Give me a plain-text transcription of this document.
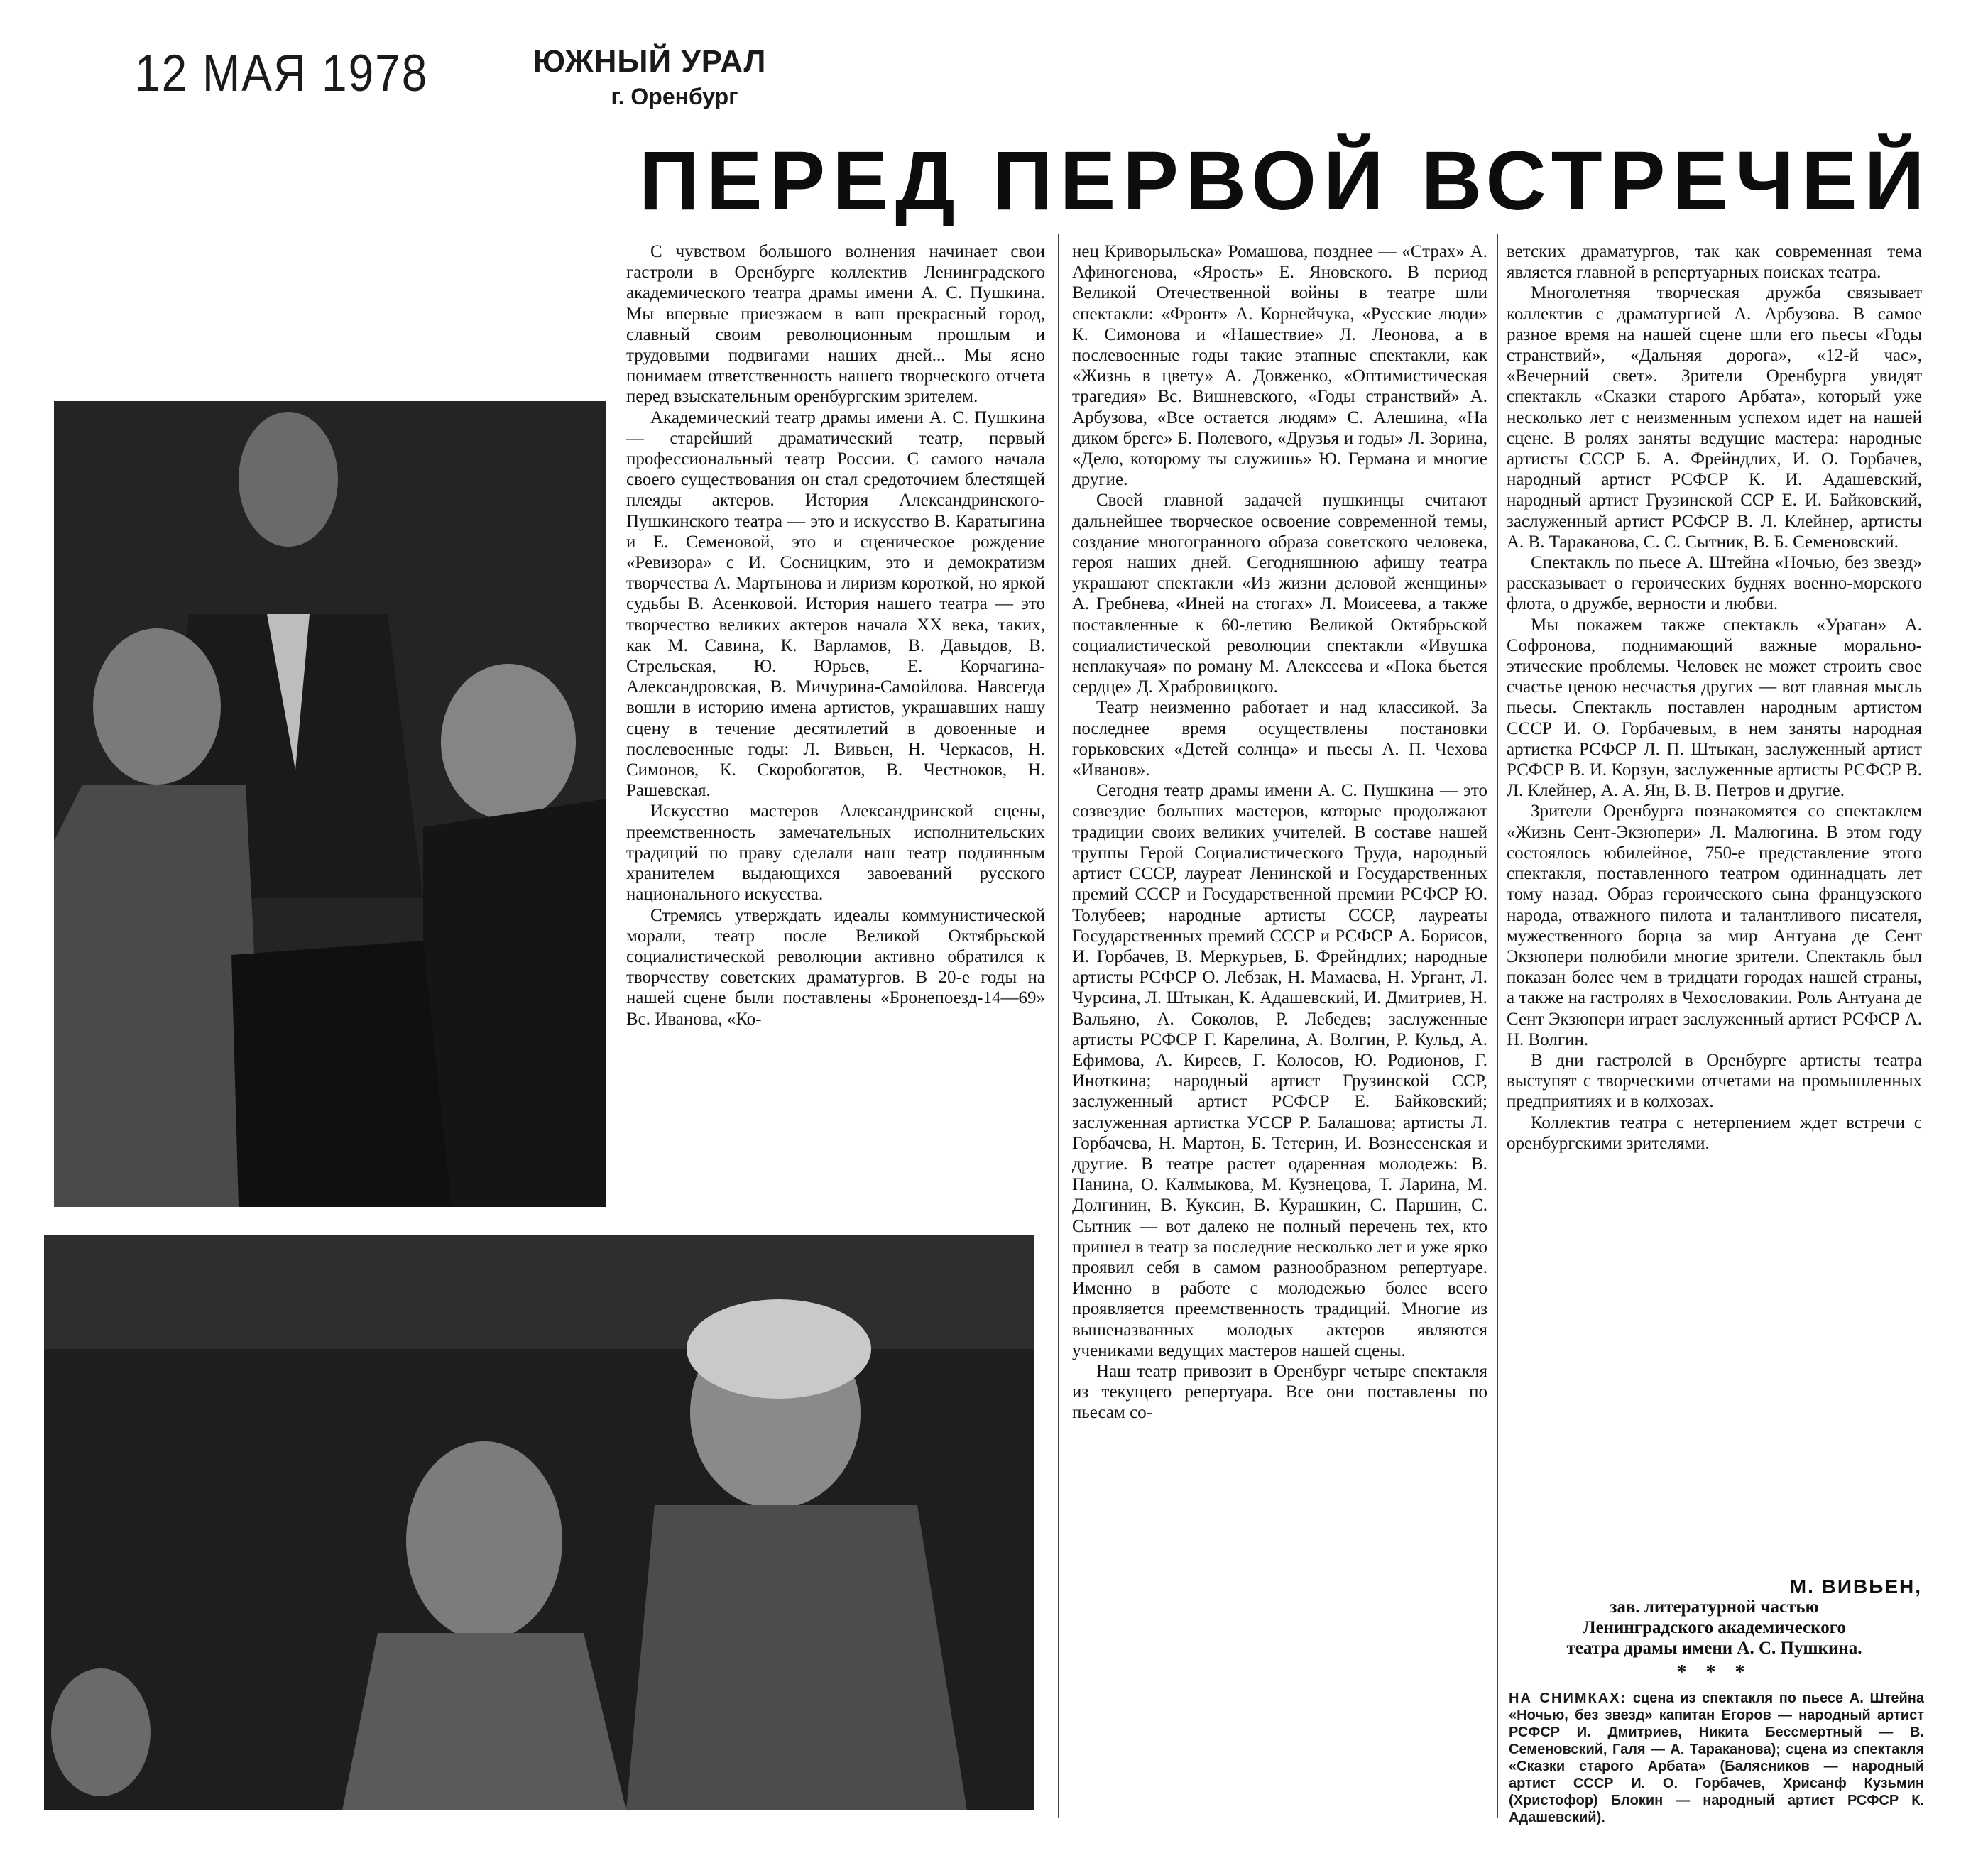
12 МАЯ 1978	ЮЖНЫЙ УРАЛ
г. Оренбург
ПЕРЕД ПЕРВОЙ ВСТРЕЧЕЙ

С чувством большого волнения начинает свои гастроли в Оренбурге коллектив Ленинградского академического театра драмы имени А. С. Пушкина. Мы впервые приезжаем в ваш прекрасный город, славный своим революционным прошлым и трудовыми подвигами наших дней... Мы ясно понимаем ответственность нашего творческого отчета перед взыскательным оренбургским зрителем.

Академический театр драмы имени А. С. Пушкина — старейший драматический театр, первый профессиональный театр России. С самого начала своего существования он стал средоточием блестящей плеяды актеров. История Александринского-Пушкинского театра — это и искусство В. Каратыгина и Е. Семеновой, это и сценическое рождение «Ревизора» с И. Сосницким, это и демократизм творчества А. Мартынова и лиризм короткой, но яркой судьбы В. Асенковой. История нашего театра — это творчество великих актеров начала XX века, таких, как М. Савина, К. Варламов, В. Давыдов, В. Стрельская, Ю. Юрьев, Е. Корчагина-Александровская, В. Мичурина-Самойлова. Навсегда вошли в историю имена артистов, украшавших нашу сцену в течение десятилетий в довоенные и послевоенные годы: Л. Вивьен, Н. Черкасов, Н. Симонов, К. Скоробогатов, В. Честноков, Н. Рашевская.

Искусство мастеров Александринской сцены, преемственность замечательных исполнительских традиций по праву сделали наш театр подлинным хранителем выдающихся завоеваний русского национального искусства.

Стремясь утверждать идеалы коммунистической морали, театр после Великой Октябрьской социалистической революции активно обратился к творчеству советских драматургов. В 20-е годы на нашей сцене были поставлены «Бронепоезд-14—69» Вс. Иванова, «Ко-

нец Криворыльска» Ромашова, позднее — «Страх» А. Афиногенова, «Ярость» Е. Яновского. В период Великой Отечественной войны в театре шли спектакли: «Фронт» А. Корнейчука, «Русские люди» К. Симонова и «Нашествие» Л. Леонова, а в послевоенные годы такие этапные спектакли, как «Жизнь в цвету» А. Довженко, «Оптимистическая трагедия» Вс. Вишневского, «Годы странствий» А. Арбузова, «Все остается людям» С. Алешина, «На диком бреге» Б. Полевого, «Друзья и годы» Л. Зорина, «Дело, которому ты служишь» Ю. Германа и многие другие.

Своей главной задачей пушкинцы считают дальнейшее творческое освоение современной темы, создание многогранного образа советского человека, героя наших дней. Сегодняшнюю афишу театра украшают спектакли «Из жизни деловой женщины» А. Гребнева, «Иней на стогах» Л. Моисеева, а также поставленные к 60-летию Великой Октябрьской социалистической революции спектакли «Ивушка неплакучая» по роману М. Алексеева и «Пока бьется сердце» Д. Храбровицкого.

Театр неизменно работает и над классикой. За последнее время осуществлены постановки горьковских «Детей солнца» и пьесы А. П. Чехова «Иванов».

Сегодня театр драмы имени А. С. Пушкина — это созвездие больших мастеров, которые продолжают традиции своих великих учителей. В составе нашей труппы Герой Социалистического Труда, народный артист СССР, лауреат Ленинской и Государственных премий СССР и Государственной премии РСФСР Ю. Толубеев; народные артисты СССР, лауреаты Государственных премий СССР и РСФСР А. Борисов, И. Горбачев, В. Меркурьев, Б. Фрейндлих; народные артисты РСФСР О. Лебзак, Н. Мамаева, Н. Ургант, Л. Чурсина, Л. Штыкан, К. Адашевский, И. Дмитриев, Н. Вальяно, А. Соколов, Р. Лебедев; заслуженные артисты РСФСР Г. Карелина, А. Волгин, Р. Кульд, А. Ефимова, А. Киреев, Г. Колосов, Ю. Родионов, Г. Иноткина; народный артист Грузинской ССР, заслуженный артист РСФСР Е. Байковский; заслуженная артистка УССР Р. Балашова; артисты Л. Горбачева, Н. Мартон, Б. Тетерин, И. Вознесенская и другие. В театре растет одаренная молодежь: В. Панина, О. Калмыкова, М. Кузнецова, Т. Ларина, М. Долгинин, В. Куксин, В. Курашкин, С. Паршин, С. Сытник — вот далеко не полный перечень тех, кто пришел в театр за последние несколько лет и уже ярко проявил себя в самом разнообразном репертуаре. Именно в работе с молодежью более всего проявляется преемственность традиций. Многие из вышеназванных молодых актеров являются учениками ведущих мастеров нашей сцены.

Наш театр привозит в Оренбург четыре спектакля из текущего репертуара. Все они поставлены по пьесам со-

ветских драматургов, так как современная тема является главной в репертуарных поисках театра.

Многолетняя творческая дружба связывает коллектив с драматургией А. Арбузова. В самое разное время на нашей сцене шли его пьесы «Годы странствий», «Дальняя дорога», «12-й час», «Вечерний свет». Зрители Оренбурга увидят спектакль «Сказки старого Арбата», который уже несколько лет с неизменным успехом идет на нашей сцене. В ролях заняты ведущие мастера: народные артисты СССР Б. А. Фрейндлих, И. О. Горбачев, народный артист РСФСР К. И. Адашевский, народный артист Грузинской ССР Е. И. Байковский, заслуженный артист РСФСР В. Л. Клейнер, артисты А. В. Тараканова, С. С. Сытник, В. Б. Семеновский.

Спектакль по пьесе А. Штейна «Ночью, без звезд» рассказывает о героических буднях военно-морского флота, о дружбе, верности и любви.

Мы покажем также спектакль «Ураган» А. Софронова, поднимающий важные морально-этические проблемы. Человек не может строить свое счастье ценою несчастья других — вот главная мысль пьесы. Спектакль поставлен народным артистом СССР И. О. Горбачевым, в нем заняты народная артистка РСФСР Л. П. Штыкан, заслуженный артист РСФСР В. И. Корзун, заслуженные артисты РСФСР В. Л. Клейнер, А. А. Ян, В. В. Петров и другие.

Зрители Оренбурга познакомятся со спектаклем «Жизнь Сент-Экзюпери» Л. Малюгина. В этом году состоялось юбилейное, 750-е представление этого спектакля, поставленного театром одиннадцать лет тому назад. Образ героического сына французского народа, отважного пилота и талантливого писателя, мужественного борца за мир Антуана де Сент Экзюпери полюбили многие зрители. Спектакль был показан более чем в тридцати городах нашей страны, а также на гастролях в Чехословакии. Роль Антуана де Сент Экзюпери играет заслуженный артист РСФСР А. Н. Волгин.

В дни гастролей в Оренбурге артисты театра выступят с творческими отчетами на промышленных предприятиях и в колхозах.

Коллектив театра с нетерпением ждет встречи с оренбургскими зрителями.

М. ВИВЬЕН,
зав. литературной частью
Ленинградского академического
театра драмы имени А. С. Пушкина.
* * *
НА СНИМКАХ: сцена из спектакля по пьесе А. Штейна «Ночью, без звезд» капитан Егоров — народный артист РСФСР И. Дмитриев, Никита Бессмертный — В. Семеновский, Галя — А. Тараканова); сцена из спектакля «Сказки старого Арбата» (Балясников — народный артист СССР И. О. Горбачев, Хрисанф Кузьмин (Христофор) Блокин — народный артист РСФСР К. Адашевский).
